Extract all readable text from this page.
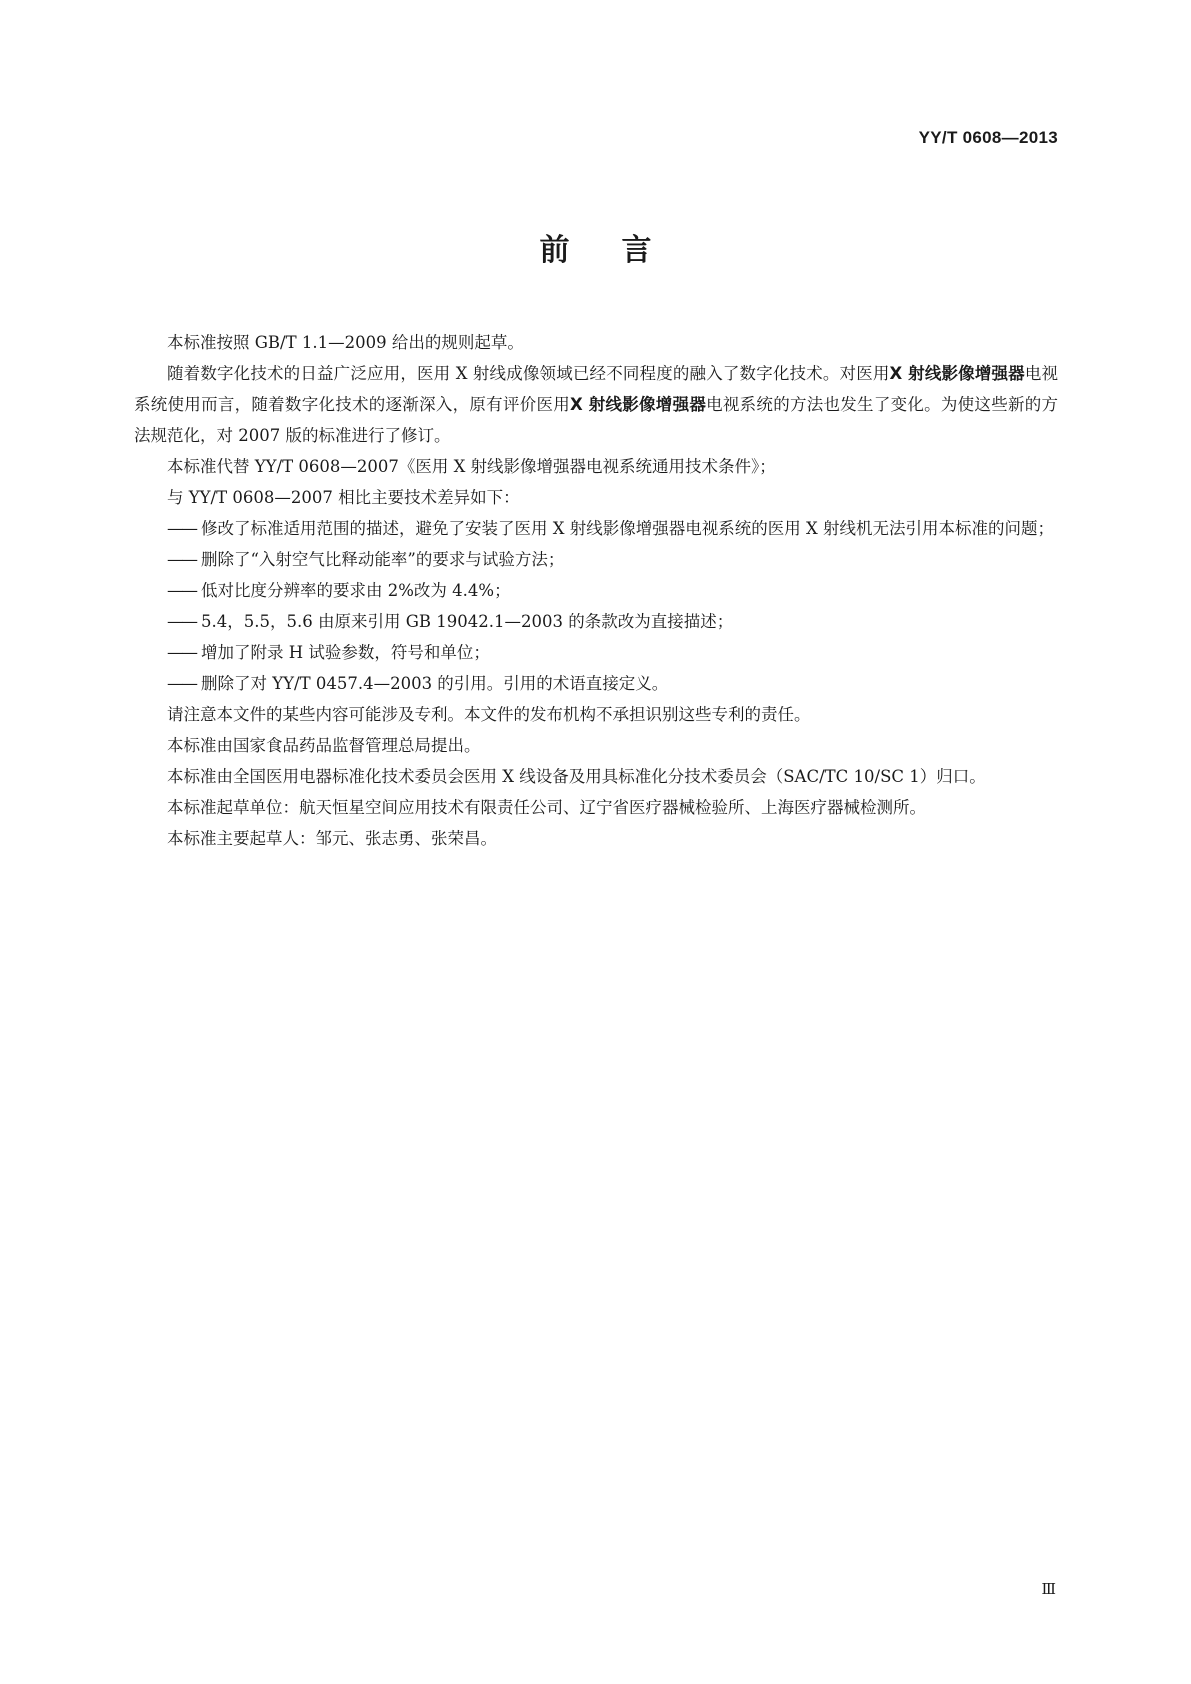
YY/T 0608—2013
前言

本标准按照 GB/T 1.1—2009 给出的规则起草。

随着数字化技术的日益广泛应用，医用 X 射线成像领域已经不同程度的融入了数字化技术。对医用X 射线影像增强器电视系统使用而言，随着数字化技术的逐渐深入，原有评价医用X 射线影像增强器电视系统的方法也发生了变化。为使这些新的方法规范化，对 2007 版的标准进行了修订。

本标准代替 YY/T 0608—2007《医用 X 射线影像增强器电视系统通用技术条件》；

与 YY/T 0608—2007 相比主要技术差异如下：

—— 修改了标准适用范围的描述，避免了安装了医用 X 射线影像增强器电视系统的医用 X 射线机无法引用本标准的问题；

—— 删除了“入射空气比释动能率”的要求与试验方法；

—— 低对比度分辨率的要求由 2%改为 4.4%；

—— 5.4，5.5，5.6 由原来引用 GB 19042.1—2003 的条款改为直接描述；

—— 增加了附录 H 试验参数，符号和单位；

—— 删除了对 YY/T 0457.4—2003 的引用。引用的术语直接定义。

请注意本文件的某些内容可能涉及专利。本文件的发布机构不承担识别这些专利的责任。

本标准由国家食品药品监督管理总局提出。

本标准由全国医用电器标准化技术委员会医用 X 线设备及用具标准化分技术委员会（SAC/TC 10/SC 1）归口。

本标准起草单位：航天恒星空间应用技术有限责任公司、辽宁省医疗器械检验所、上海医疗器械检测所。

本标准主要起草人：邹元、张志勇、张荣昌。

Ⅲ
